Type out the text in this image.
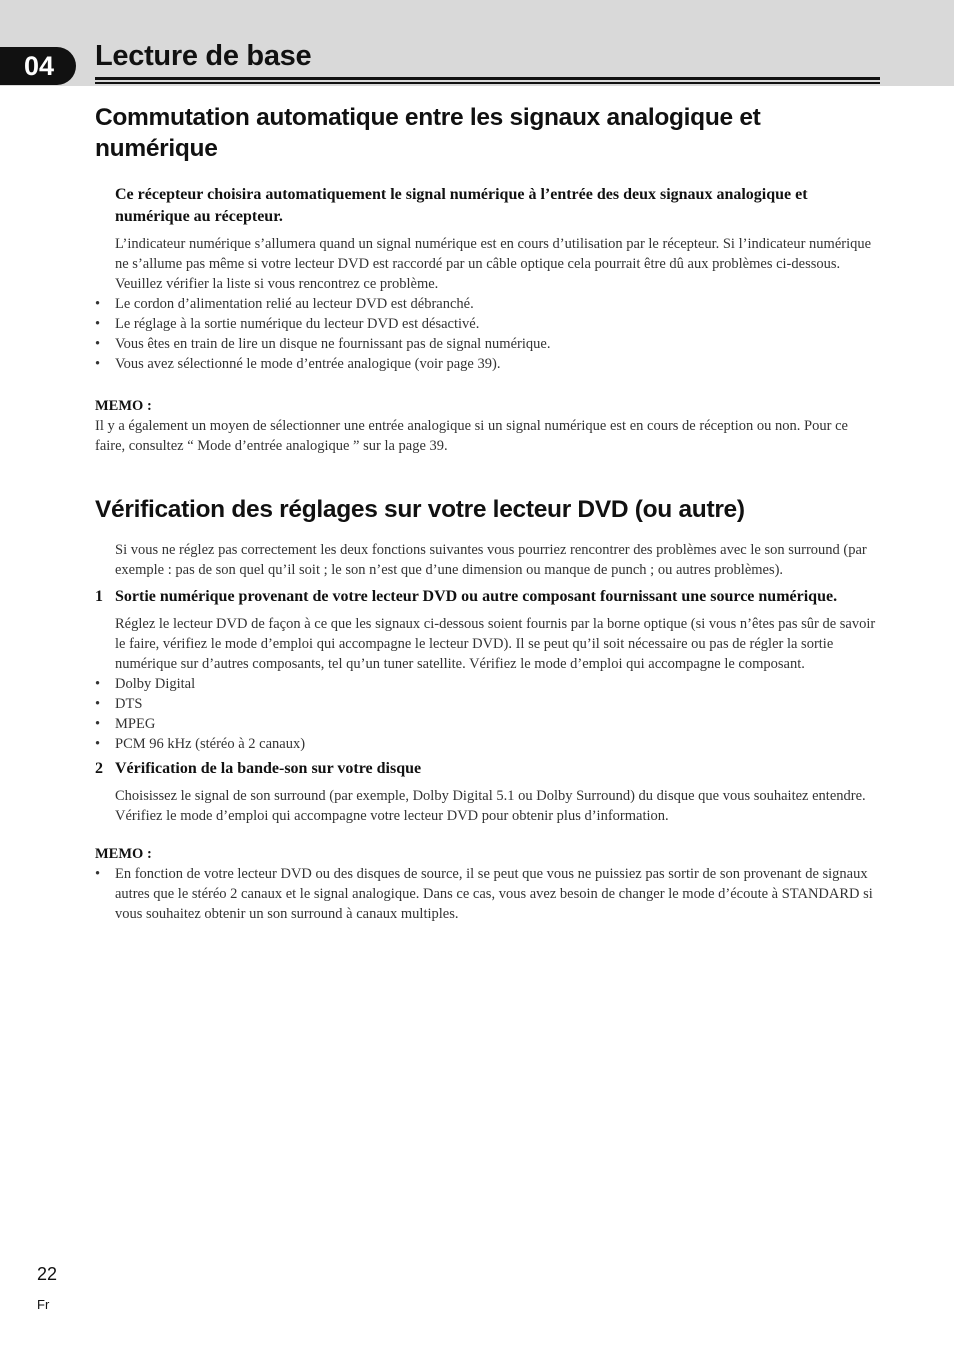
04	Lecture de base
Commutation automatique entre les signaux analogique et numérique

Ce récepteur choisira automatiquement le signal numérique à l’entrée des deux signaux analogique et numérique au récepteur.

L’indicateur numérique s’allumera quand un signal numérique est en cours d’utilisation par le récepteur. Si l’indicateur numérique ne s’allume pas même si votre lecteur DVD est raccordé par un câble optique cela pourrait être dû aux problèmes ci-dessous. Veuillez vérifier la liste si vous rencontrez ce problème.

• Le cordon d’alimentation relié au lecteur DVD est débranché.
• Le réglage à la sortie numérique du lecteur DVD est désactivé.
• Vous êtes en train de lire un disque ne fournissant pas de signal numérique.
• Vous avez sélectionné le mode d’entrée analogique (voir page 39).

MEMO :

Il y a également un moyen de sélectionner une entrée analogique si un signal numérique est en cours de réception ou non. Pour ce faire, consultez “ Mode d’entrée analogique ” sur la page 39.

Vérification des réglages sur votre lecteur DVD (ou autre)

Si vous ne réglez pas correctement les deux fonctions suivantes vous pourriez rencontrer des problèmes avec le son surround (par exemple : pas de son quel qu’il soit ; le son n’est que d’une dimension ou manque de punch ; ou autres problèmes).

1 Sortie numérique provenant de votre lecteur DVD ou autre composant fournissant une source numérique.

Réglez le lecteur DVD de façon à ce que les signaux ci-dessous soient fournis par la borne optique (si vous n’êtes pas sûr de savoir le faire, vérifiez le mode d’emploi qui accompagne le lecteur DVD). Il se peut qu’il soit nécessaire ou pas de régler la sortie numérique sur d’autres composants, tel qu’un tuner satellite. Vérifiez le mode d’emploi qui accompagne le composant.

• Dolby Digital
• DTS
• MPEG
• PCM 96 kHz (stéréo à 2 canaux)
2 Vérification de la bande-son sur votre disque

Choisissez le signal de son surround (par exemple, Dolby Digital 5.1 ou Dolby Surround) du disque que vous souhaitez entendre. Vérifiez le mode d’emploi qui accompagne votre lecteur DVD pour obtenir plus d’information.

MEMO :

• En fonction de votre lecteur DVD ou des disques de source, il se peut que vous ne puissiez pas sortir de son provenant de signaux autres que le stéréo 2 canaux et le signal analogique. Dans ce cas, vous avez besoin de changer le mode d’écoute à STANDARD si vous souhaitez obtenir un son surround à canaux multiples.
22
Fr
